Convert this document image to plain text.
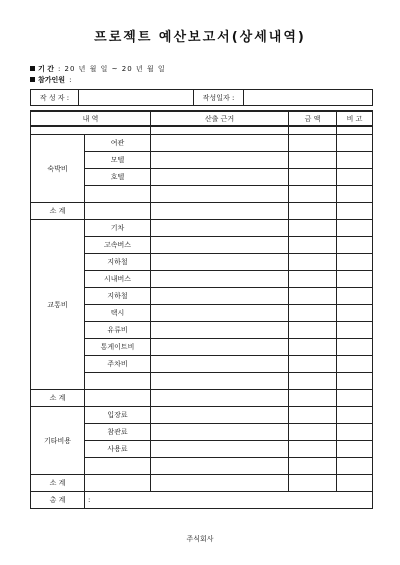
프로젝트 예산보고서(상세내역)
기 간 : 20 년 월 일 ~ 20 년 월 일
참가인원 :
작 성 자 :		작성일자 :	
내 역		산출 근거	금 액	비 고

숙박비	여관			
	모텔			
	호텔			

소 계				
교통비	기차			
	고속버스			
	지하철			
	시내버스			
	지하철			
	택시			
	유류비			
	통게이트비			
	주차비			

소 계				
기타비용	입장료			
	참관료			
	사용료			

소 계				
총 계	:			
주식회사
